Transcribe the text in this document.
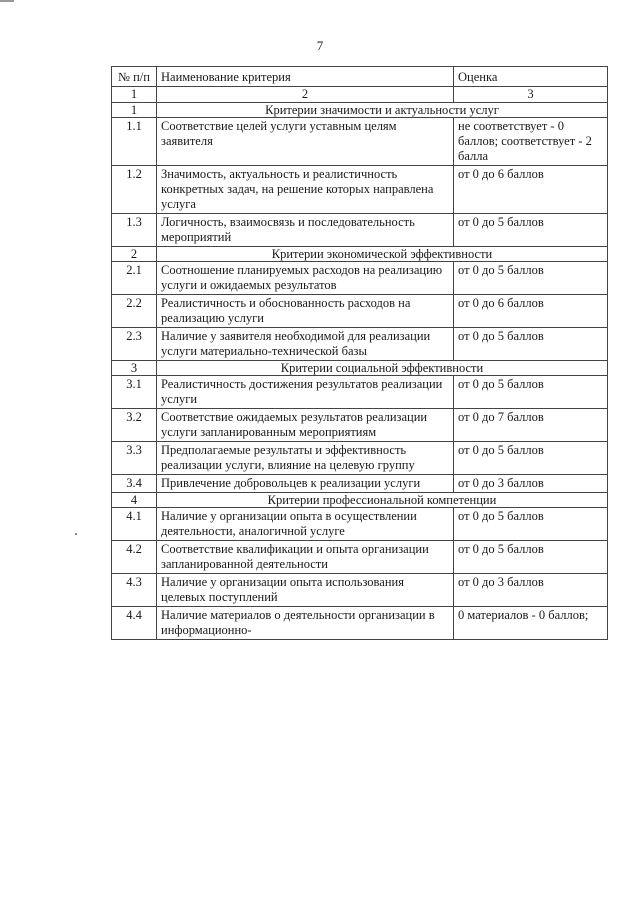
7
№ п/п	Наименование критерия	Оценка
1	2	3
1	Критерии значимости и актуальности услуг	
1.1	Соответствие целей услуги уставным целям заявителя	не соответствует - 0 баллов; соответствует - 2 балла
1.2	Значимость, актуальность и реалистичность конкретных задач, на решение которых направлена услуга	от 0 до 6 баллов
1.3	Логичность, взаимосвязь и последовательность мероприятий	от 0 до 5 баллов
2	Критерии экономической эффективности	
2.1	Соотношение планируемых расходов на реализацию услуги и ожидаемых результатов	от 0 до 5 баллов
2.2	Реалистичность и обоснованность расходов на реализацию услуги	от 0 до 6 баллов
2.3	Наличие у заявителя необходимой для реализации услуги материально-технической базы	от 0 до 5 баллов
3	Критерии социальной эффективности	
3.1	Реалистичность достижения результатов реализации услуги	от 0 до 5 баллов
3.2	Соответствие ожидаемых результатов реализации услуги запланированным мероприятиям	от 0 до 7 баллов
3.3	Предполагаемые результаты и эффективность реализации услуги, влияние на целевую группу	от 0 до 5 баллов
3.4	Привлечение добровольцев к реализации услуги	от 0 до 3 баллов
4	Критерии профессиональной компетенции	
4.1	Наличие у организации опыта в осуществлении деятельности, аналогичной услуге	от 0 до 5 баллов
4.2	Соответствие квалификации и опыта организации запланированной деятельности	от 0 до 5 баллов
4.3	Наличие у организации опыта использования целевых поступлений	от 0 до 3 баллов
4.4	Наличие материалов о деятельности организации в информационно-	0 материалов - 0 баллов;
